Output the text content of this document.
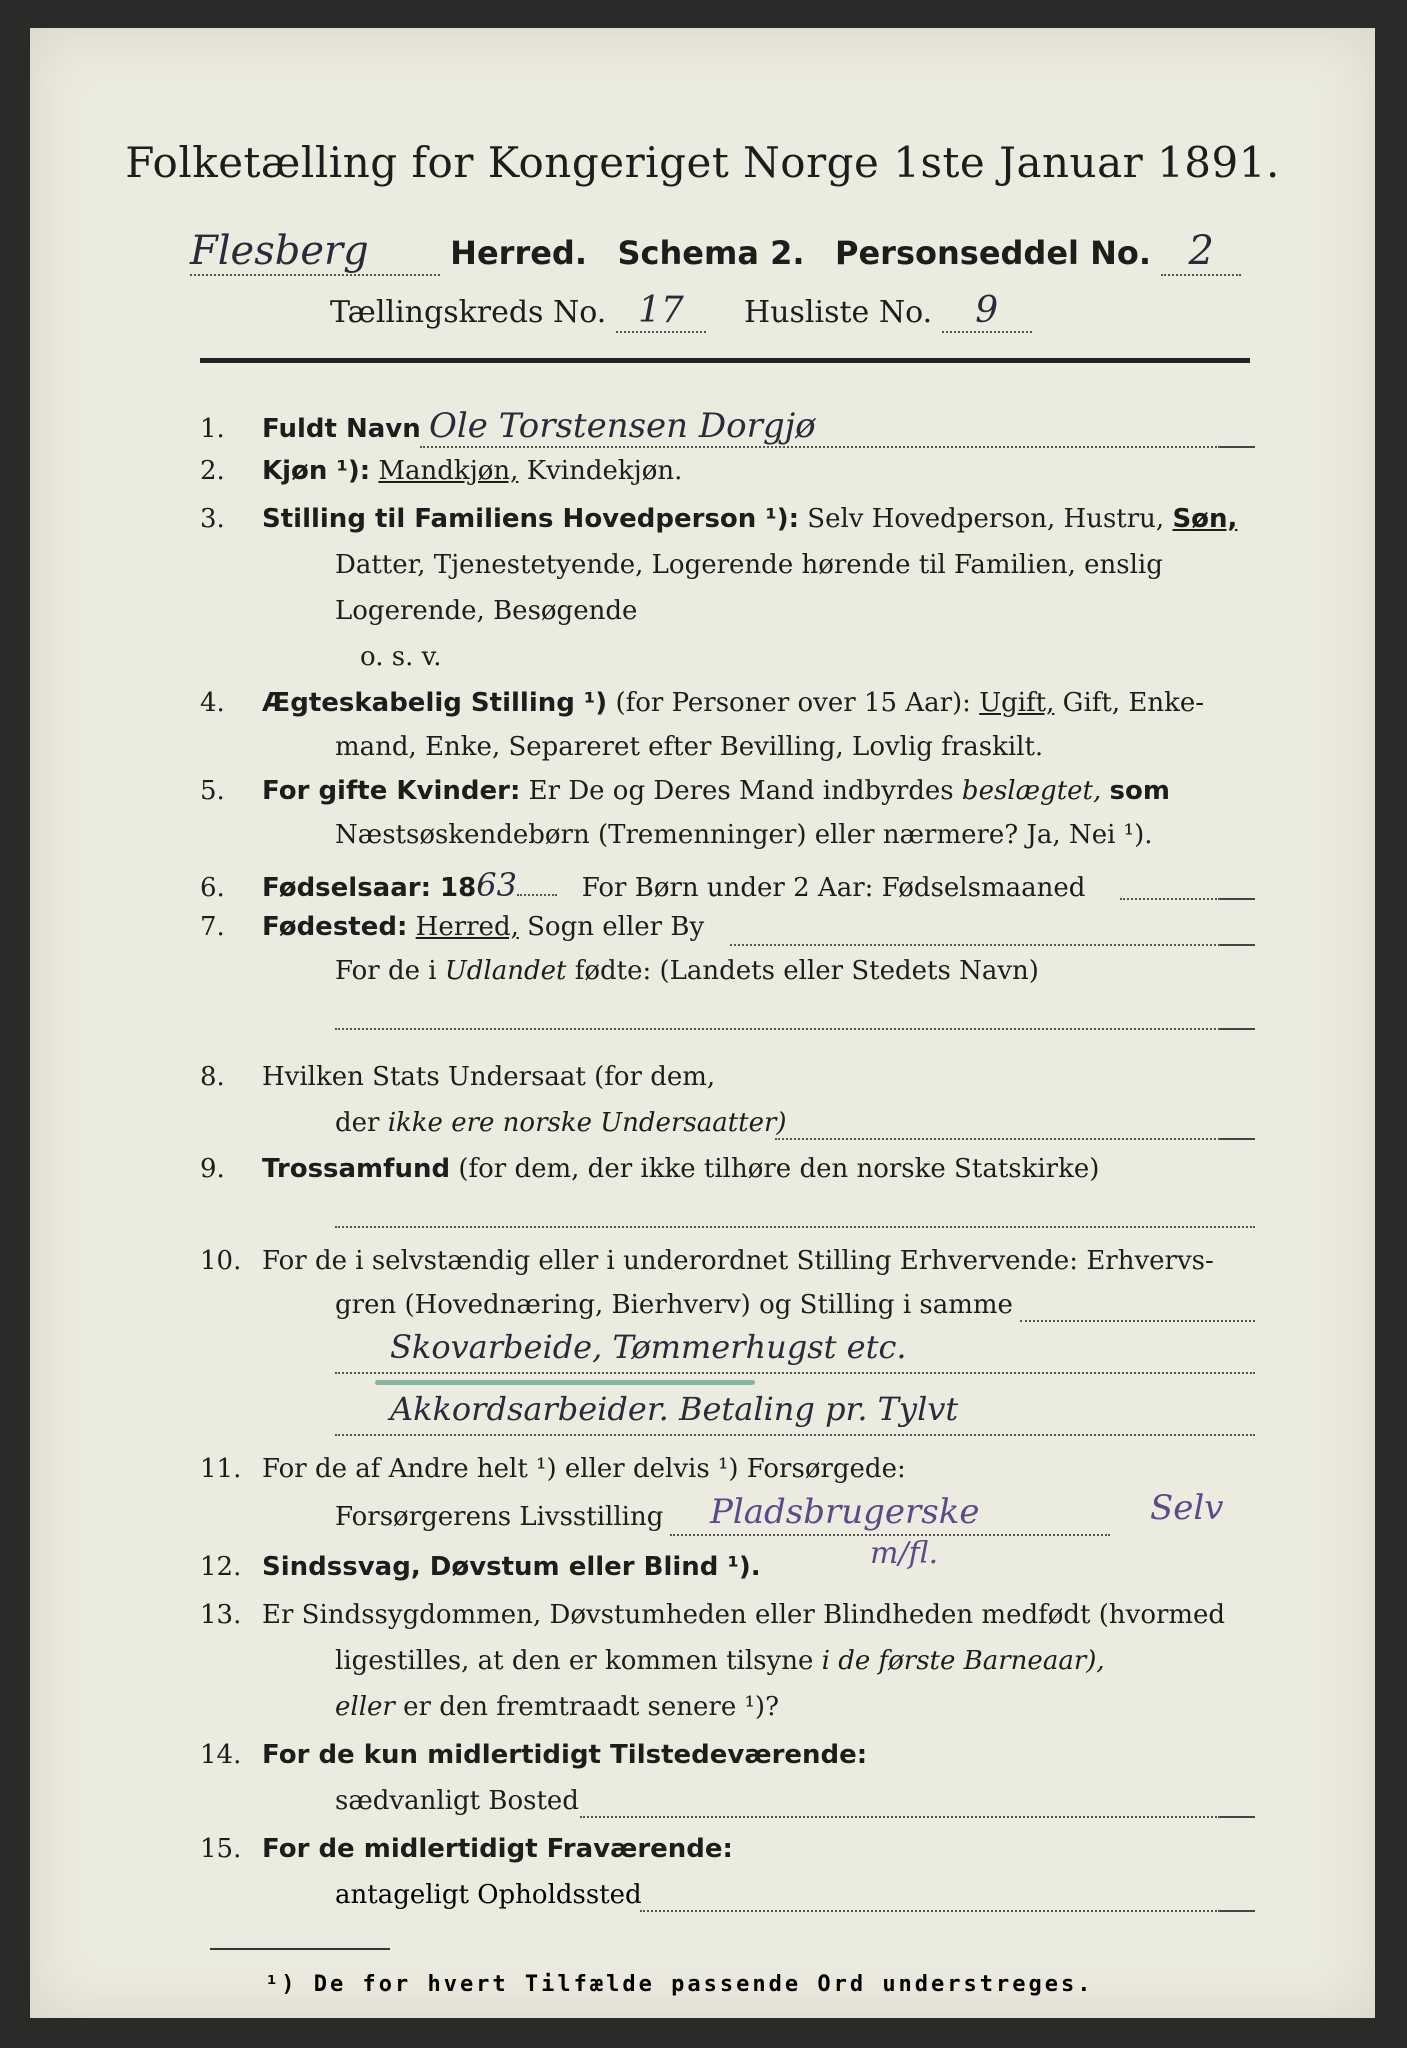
Folketælling for Kongeriget Norge 1ste Januar 1891.
Flesberg	Herred. Schema 2. Personseddel No. 2
Tællingskreds No. 17 Husliste No. 9
1. Fuldt Navn Ole Torstensen Dorgjø
2. Kjøn ¹): Mandkjøn, Kvindekjøn.
3. Stilling til Familiens Hovedperson ¹): Selv Hovedperson, Hustru, Søn,
Datter, Tjenestetyende, Logerende hørende til Familien, enslig
Logerende, Besøgende
o. s. v.
4. Ægteskabelig Stilling ¹) (for Personer over 15 Aar): Ugift, Gift, Enke-
mand, Enke, Separeret efter Bevilling, Lovlig fraskilt.
5. For gifte Kvinder: Er De og Deres Mand indbyrdes beslægtet, som
Næstsøskendebørn (Tremenninger) eller nærmere? Ja, Nei ¹).
6. Fødselsaar: 1863 For Børn under 2 Aar: Fødselsmaaned
7. Fødested: Herred, Sogn eller By
For de i Udlandet fødte: (Landets eller Stedets Navn)
8. Hvilken Stats Undersaat (for dem,
der ikke ere norske Undersaatter)
9. Trossamfund (for dem, der ikke tilhøre den norske Statskirke)
10. For de i selvstændig eller i underordnet Stilling Erhvervende: Erhvervs-
gren (Hovednæring, Bierhverv) og Stilling i samme
Skovarbeide, Tømmerhugst etc.
Akkordsarbeider. Betaling pr. Tylvt
11. For de af Andre helt ¹) eller delvis ¹) Forsørgede:
Forsørgerens Livsstilling Pladsbrugerske	Selv
m/fl.
12. Sindssvag, Døvstum eller Blind ¹).
13. Er Sindssygdommen, Døvstumheden eller Blindheden medfødt (hvormed
ligestilles, at den er kommen tilsyne i de første Barneaar),
eller er den fremtraadt senere ¹)?
14. For de kun midlertidigt Tilstedeværende:
sædvanligt Bosted
15. For de midlertidigt Fraværende:
antageligt Opholdssted
¹) De for hvert Tilfælde passende Ord understreges.
